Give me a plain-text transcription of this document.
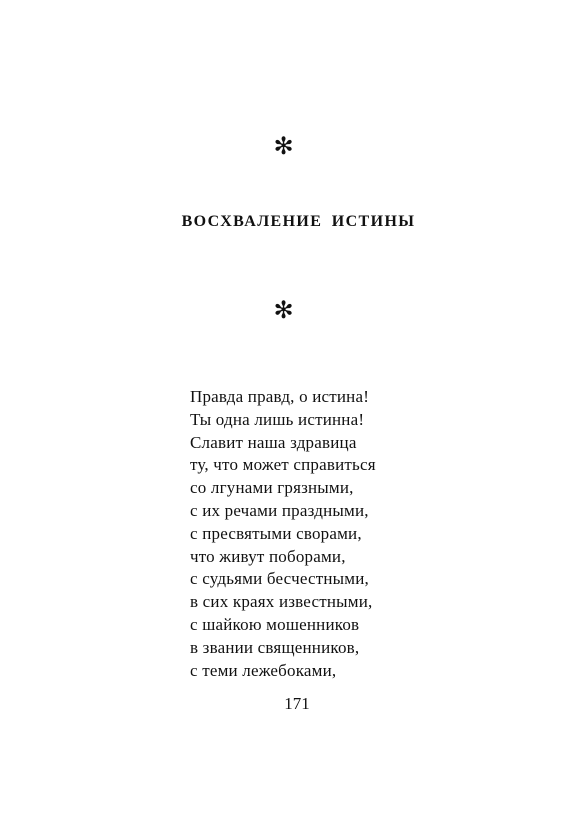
✻
ВОСХВАЛЕНИЕ ИСТИНЫ
✻
Правда правд, о истина!
Ты одна лишь истинна!
Славит наша здравица
ту, что может справиться
со лгунами грязными,
с их речами праздными,
с пресвятыми сворами,
что живут поборами,
с судьями бесчестными,
в сих краях известными,
с шайкою мошенников
в звании священников,
с теми лежебоками,
171
